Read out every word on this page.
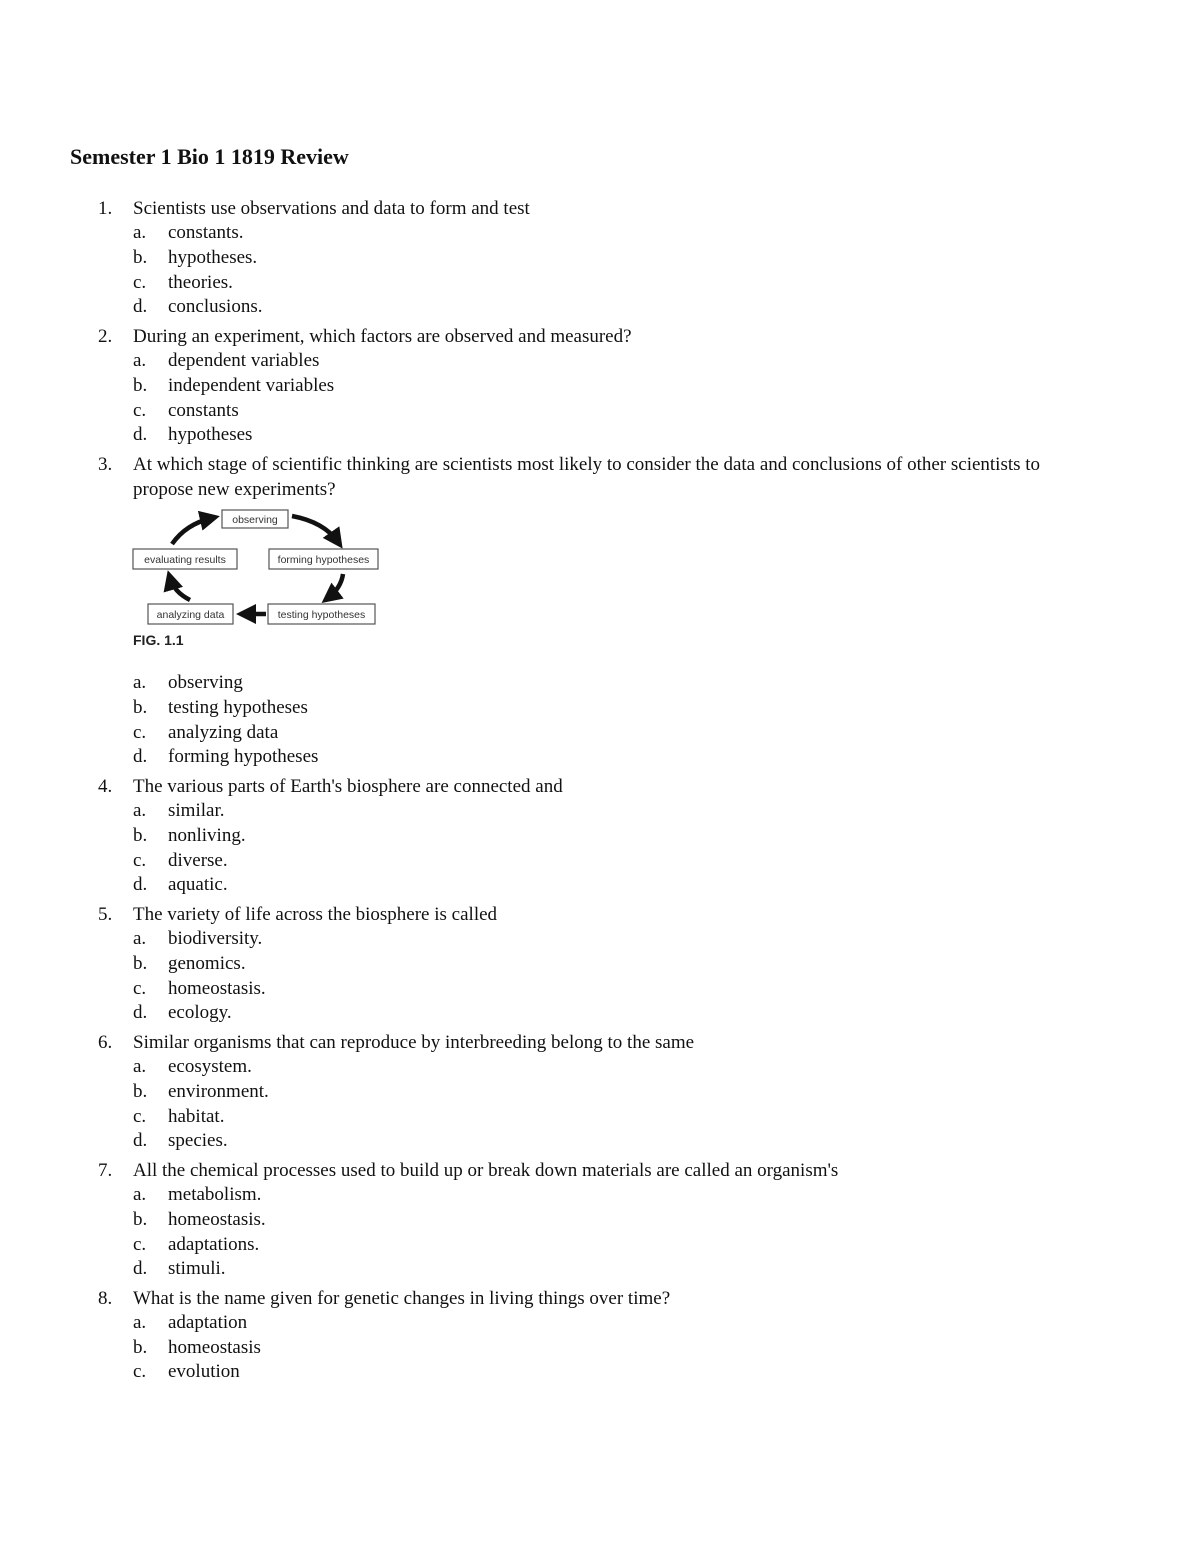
Semester 1 Bio 1 1819 Review
1. Scientists use observations and data to form and test
a. constants.
b. hypotheses.
c. theories.
d. conclusions.
2. During an experiment, which factors are observed and measured?
a. dependent variables
b. independent variables
c. constants
d. hypotheses
3. At which stage of scientific thinking are scientists most likely to consider the data and conclusions of other scientists to propose new experiments?
observing
forming hypotheses
testing hypotheses
analyzing data
evaluating results
FIG. 1.1
a. observing
b. testing hypotheses
c. analyzing data
d. forming hypotheses
4. The various parts of Earth's biosphere are connected and
a. similar.
b. nonliving.
c. diverse.
d. aquatic.
5. The variety of life across the biosphere is called
a. biodiversity.
b. genomics.
c. homeostasis.
d. ecology.
6. Similar organisms that can reproduce by interbreeding belong to the same
a. ecosystem.
b. environment.
c. habitat.
d. species.
7. All the chemical processes used to build up or break down materials are called an organism's
a. metabolism.
b. homeostasis.
c. adaptations.
d. stimuli.
8. What is the name given for genetic changes in living things over time?
a. adaptation
b. homeostasis
c. evolution
